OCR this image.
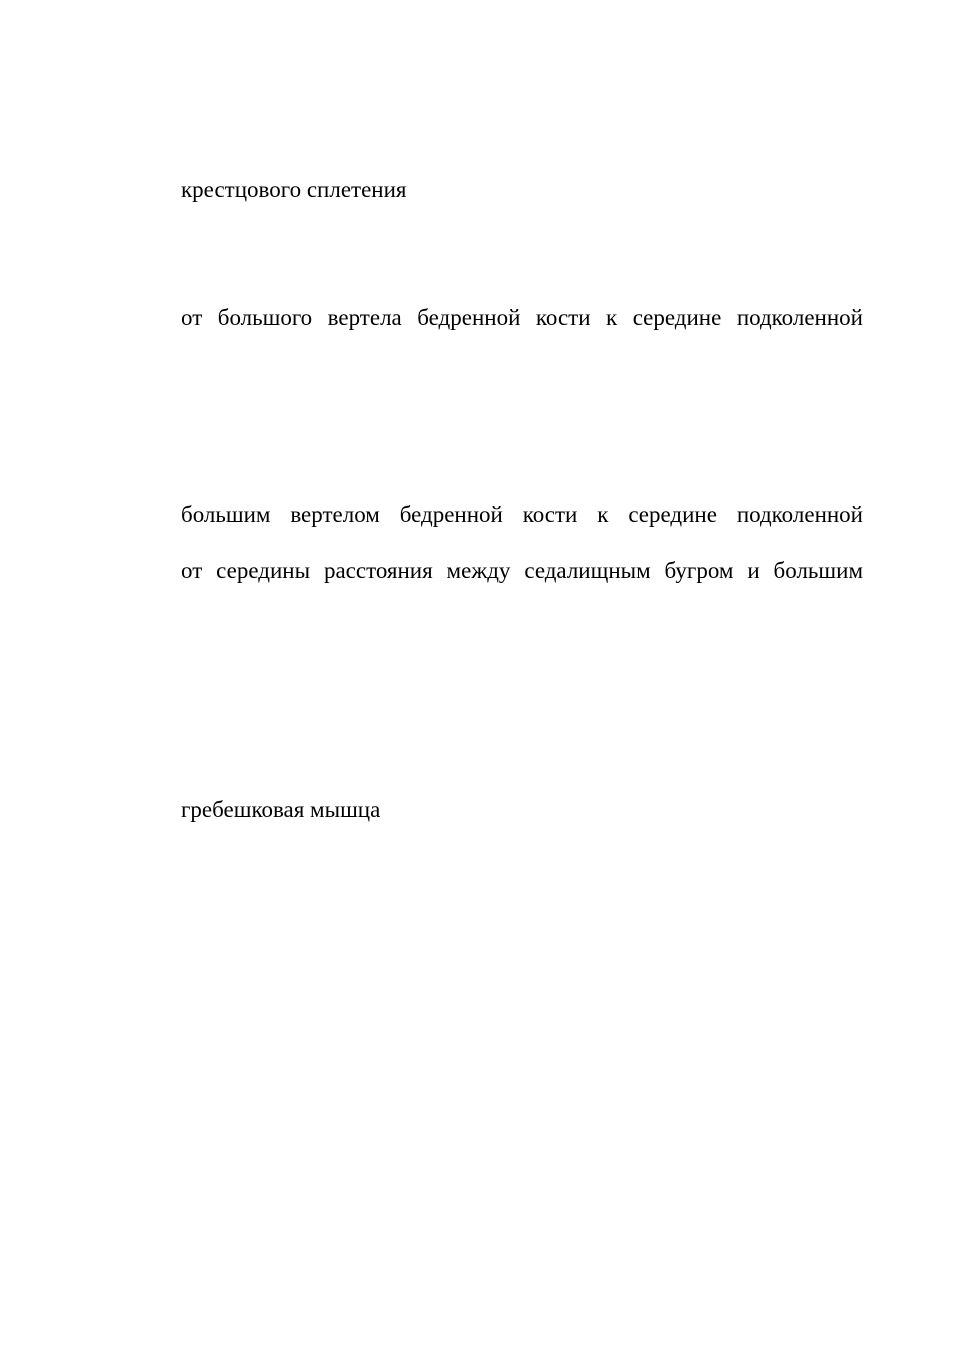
крестцового сплетения

от большого вертела бедренной кости к середине подколенной

большим вертелом бедренной кости к середине подколенной

от середины расстояния между седалищным бугром и большим

гребешковая мышца
